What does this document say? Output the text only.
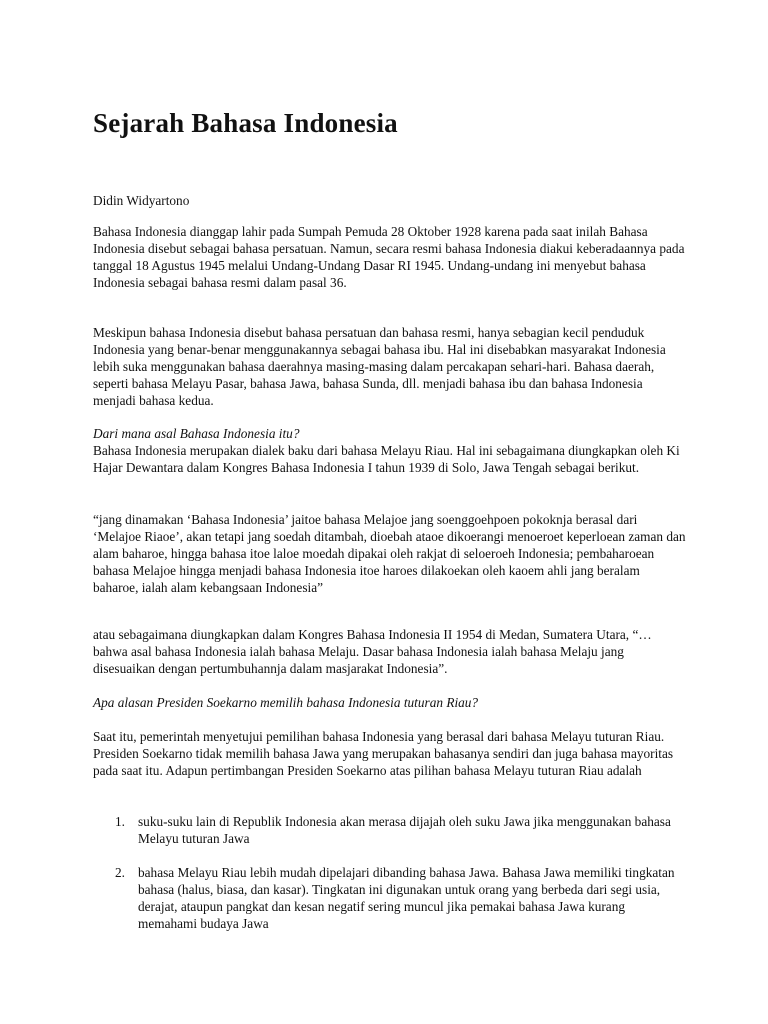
Sejarah Bahasa Indonesia

Didin Widyartono

Bahasa Indonesia dianggap lahir pada Sumpah Pemuda 28 Oktober 1928 karena pada saat inilah Bahasa Indonesia disebut sebagai bahasa persatuan. Namun, secara resmi bahasa Indonesia diakui keberadaannya pada tanggal 18 Agustus 1945 melalui Undang-Undang Dasar RI 1945. Undang-undang ini menyebut bahasa Indonesia sebagai bahasa resmi dalam pasal 36.

Meskipun bahasa Indonesia disebut bahasa persatuan dan bahasa resmi, hanya sebagian kecil penduduk Indonesia yang benar-benar menggunakannya sebagai bahasa ibu. Hal ini disebabkan masyarakat Indonesia lebih suka menggunakan bahasa daerahnya masing-masing dalam percakapan sehari-hari. Bahasa daerah, seperti bahasa Melayu Pasar, bahasa Jawa, bahasa Sunda, dll. menjadi bahasa ibu dan bahasa Indonesia menjadi bahasa kedua.

Dari mana asal Bahasa Indonesia itu?

Bahasa Indonesia merupakan dialek baku dari bahasa Melayu Riau. Hal ini sebagaimana diungkapkan oleh Ki Hajar Dewantara dalam Kongres Bahasa Indonesia I tahun 1939 di Solo, Jawa Tengah sebagai berikut.

“jang dinamakan ‘Bahasa Indonesia’ jaitoe bahasa Melajoe jang soenggoehpoen pokoknja berasal dari ‘Melajoe Riaoe’, akan tetapi jang soedah ditambah, dioebah ataoe dikoerangi menoeroet keperloean zaman dan alam baharoe, hingga bahasa itoe laloe moedah dipakai oleh rakjat di seloeroeh Indonesia; pembaharoean bahasa Melajoe hingga menjadi bahasa Indonesia itoe haroes dilakoekan oleh kaoem ahli jang beralam baharoe, ialah alam kebangsaan Indonesia”

atau sebagaimana diungkapkan dalam Kongres Bahasa Indonesia II 1954 di Medan, Sumatera Utara, “… bahwa asal bahasa Indonesia ialah bahasa Melaju. Dasar bahasa Indonesia ialah bahasa Melaju jang disesuaikan dengan pertumbuhannja dalam masjarakat Indonesia”.

Apa alasan Presiden Soekarno memilih bahasa Indonesia tuturan Riau?

Saat itu, pemerintah menyetujui pemilihan bahasa Indonesia yang berasal dari bahasa Melayu tuturan Riau. Presiden Soekarno tidak memilih bahasa Jawa yang merupakan bahasanya sendiri dan juga bahasa mayoritas pada saat itu. Adapun pertimbangan Presiden Soekarno atas pilihan bahasa Melayu tuturan Riau adalah

1. suku-suku lain di Republik Indonesia akan merasa dijajah oleh suku Jawa jika menggunakan bahasa Melayu tuturan Jawa
2. bahasa Melayu Riau lebih mudah dipelajari dibanding bahasa Jawa. Bahasa Jawa memiliki tingkatan bahasa (halus, biasa, dan kasar). Tingkatan ini digunakan untuk orang yang berbeda dari segi usia, derajat, ataupun pangkat dan kesan negatif sering muncul jika pemakai bahasa Jawa kurang memahami budaya Jawa
